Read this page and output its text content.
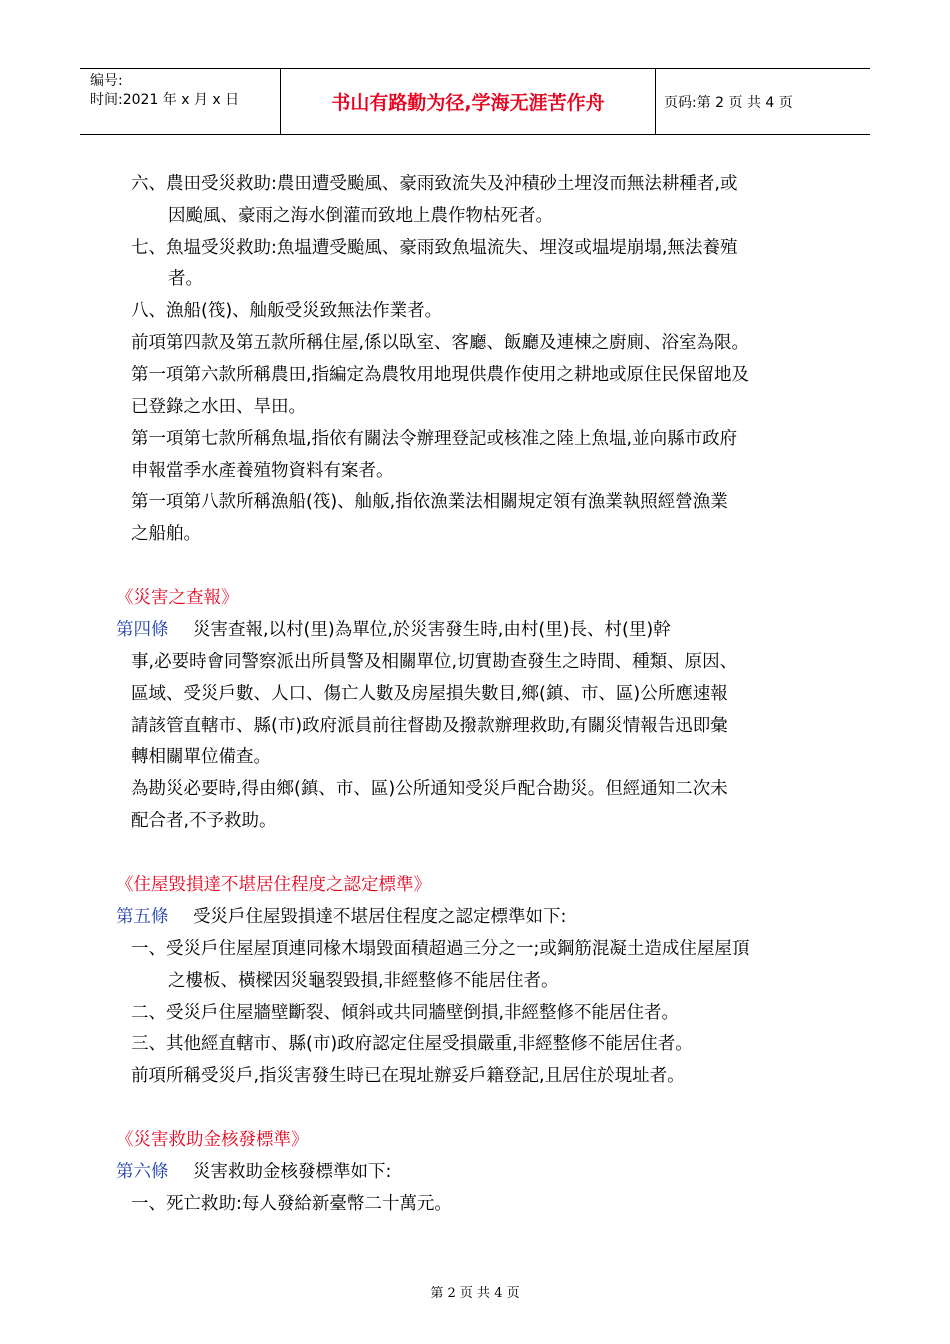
编号:
时间:2021 年 x 月 x 日	书山有路勤为径,学海无涯苦作舟	页码:第 2 页 共 4 页
六、農田受災救助:農田遭受颱風、豪雨致流失及沖積砂土埋沒而無法耕種者,或
因颱風、豪雨之海水倒灌而致地上農作物枯死者。
七、魚塭受災救助:魚塭遭受颱風、豪雨致魚塭流失、埋沒或塭堤崩塌,無法養殖
者。
八、漁船(筏)、舢舨受災致無法作業者。
前項第四款及第五款所稱住屋,係以臥室、客廳、飯廳及連棟之廚廁、浴室為限。
第一項第六款所稱農田,指編定為農牧用地現供農作使用之耕地或原住民保留地及
已登錄之水田、旱田。
第一項第七款所稱魚塭,指依有關法令辦理登記或核准之陸上魚塭,並向縣市政府
申報當季水產養殖物資料有案者。
第一項第八款所稱漁船(筏)、舢舨,指依漁業法相關規定領有漁業執照經營漁業
之船舶。
《災害之查報》
第四條 災害查報,以村(里)為單位,於災害發生時,由村(里)長、村(里)幹
事,必要時會同警察派出所員警及相關單位,切實勘查發生之時間、種類、原因、
區域、受災戶數、人口、傷亡人數及房屋損失數目,鄉(鎮、市、區)公所應速報
請該管直轄市、縣(市)政府派員前往督勘及撥款辦理救助,有關災情報告迅即彙
轉相關單位備查。
為勘災必要時,得由鄉(鎮、市、區)公所通知受災戶配合勘災。但經通知二次未
配合者,不予救助。
《住屋毀損達不堪居住程度之認定標準》
第五條 受災戶住屋毀損達不堪居住程度之認定標準如下:
一、受災戶住屋屋頂連同椽木塌毀面積超過三分之一;或鋼筋混凝土造成住屋屋頂
之樓板、橫樑因災龜裂毀損,非經整修不能居住者。
二、受災戶住屋牆壁斷裂、傾斜或共同牆壁倒損,非經整修不能居住者。
三、其他經直轄市、縣(市)政府認定住屋受損嚴重,非經整修不能居住者。
前項所稱受災戶,指災害發生時已在現址辦妥戶籍登記,且居住於現址者。
《災害救助金核發標準》
第六條 災害救助金核發標準如下:
一、死亡救助:每人發給新臺幣二十萬元。
第 2 页 共 4 页
